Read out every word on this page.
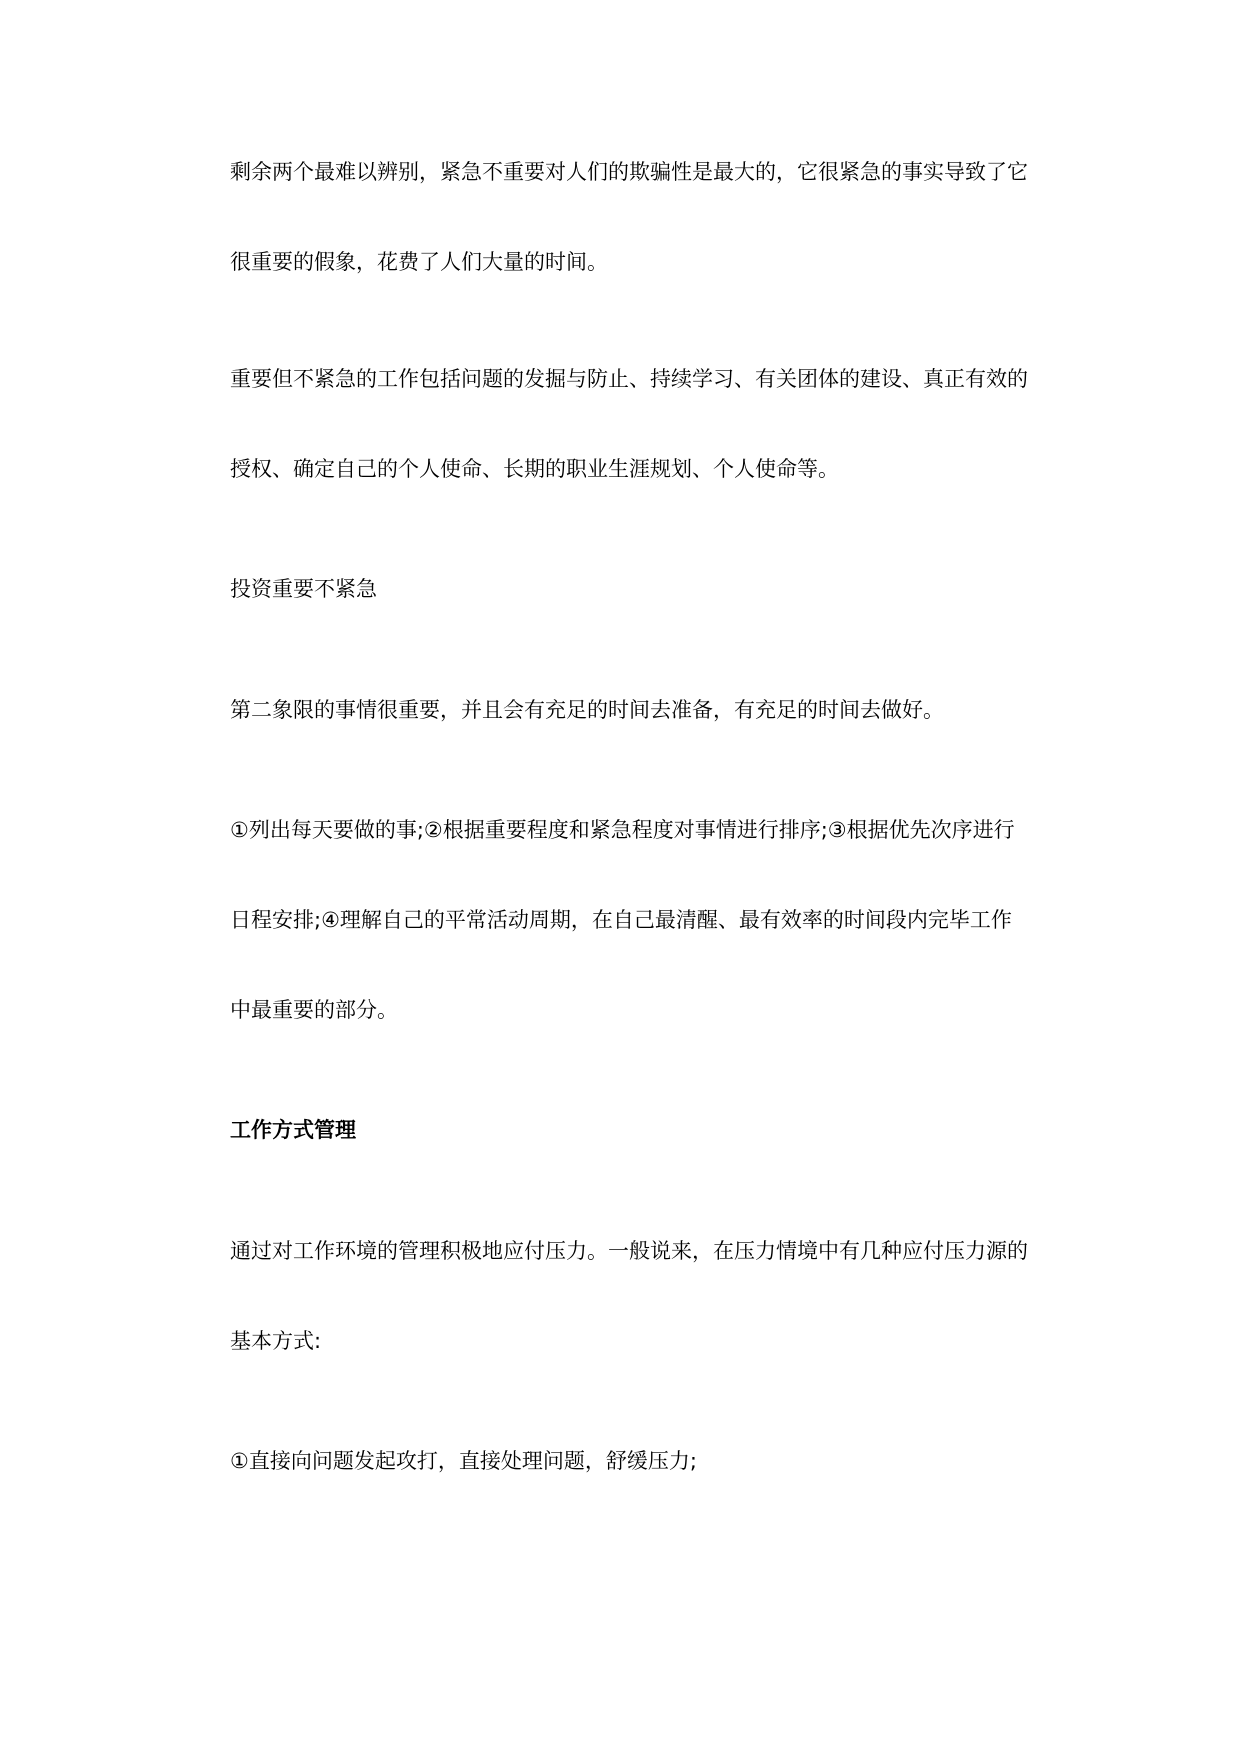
剩余两个最难以辨别，紧急不重要对人们的欺骗性是最大的，它很紧急的事实导致了它
很重要的假象，花费了人们大量的时间。
重要但不紧急的工作包括问题的发掘与防止、持续学习、有关团体的建设、真正有效的
授权、确定自己的个人使命、长期的职业生涯规划、个人使命等。
投资重要不紧急
第二象限的事情很重要，并且会有充足的时间去准备，有充足的时间去做好。
①列出每天要做的事;②根据重要程度和紧急程度对事情进行排序;③根据优先次序进行
日程安排;④理解自己的平常活动周期，在自己最清醒、最有效率的时间段内完毕工作
中最重要的部分。
工作方式管理
通过对工作环境的管理积极地应付压力。一般说来，在压力情境中有几种应付压力源的
基本方式:
①直接向问题发起攻打，直接处理问题，舒缓压力;
